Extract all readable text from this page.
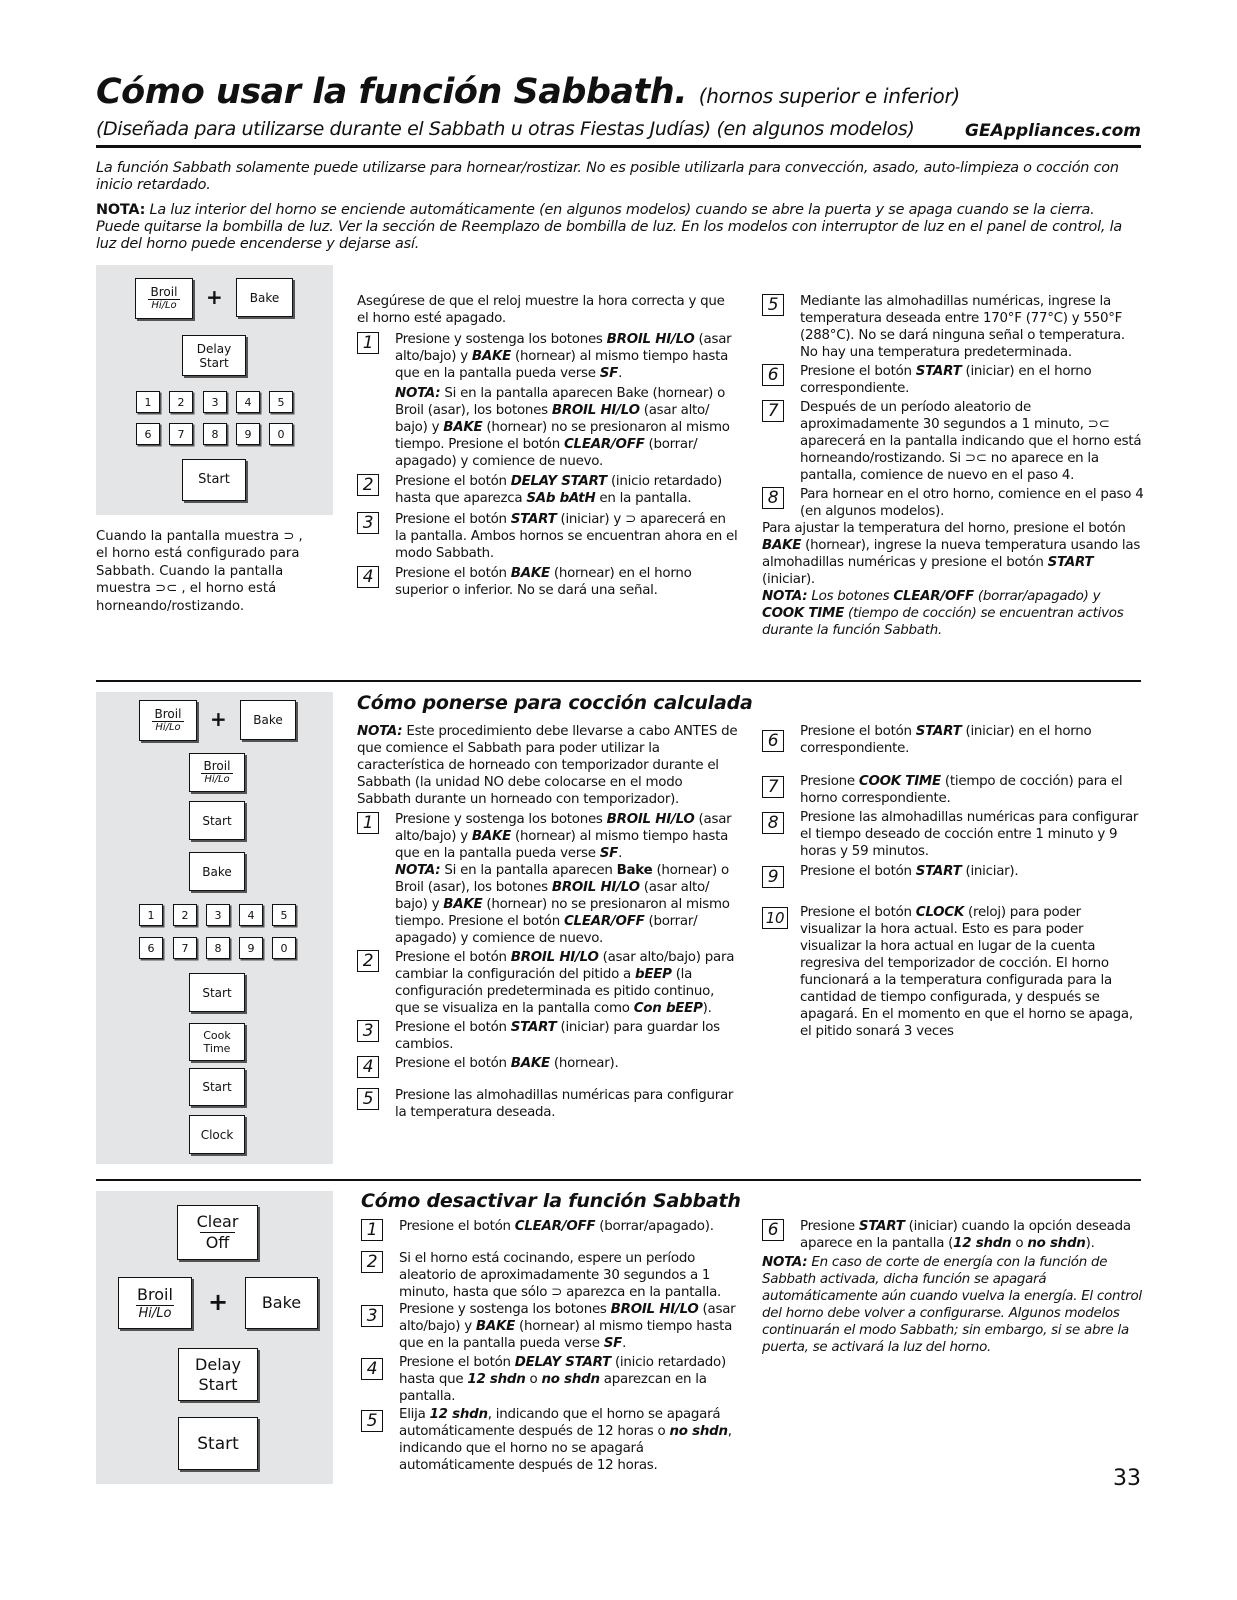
Cómo usar la función Sabbath. (hornos superior e inferior)
(Diseñada para utilizarse durante el Sabbath u otras Fiestas Judías) (en algunos modelos)	GEAppliances.com
La función Sabbath solamente puede utilizarse para hornear/rostizar. No es posible utilizarla para convección, asado, auto-limpieza o cocción con inicio retardado.
NOTA: La luz interior del horno se enciende automáticamente (en algunos modelos) cuando se abre la puerta y se apaga cuando se la cierra. Puede quitarse la bombilla de luz. Ver la sección de Reemplazo de bombilla de luz. En los modelos con interruptor de luz en el panel de control, la luz del horno puede encenderse y dejarse así.
Broil
Hi/Lo +	Bake
Delay
Start
1	2	3	4	5
6	7	8	9	0
Start
Cuando la pantalla muestra ⊃ , el horno está configurado para Sabbath. Cuando la pantalla muestra ⊃⊂ , el horno está horneando/rostizando.

Asegúrese de que el reloj muestre la hora correcta y que el horno esté apagado.

1	Presione y sostenga los botones BROIL HI/LO (asar alto/bajo) y BAKE (hornear) al mismo tiempo hasta que en la pantalla pueda verse SF.

NOTA: Si en la pantalla aparecen Bake (hornear) o Broil (asar), los botones BROIL HI/LO (asar alto/ bajo) y BAKE (hornear) no se presionaron al mismo tiempo. Presione el botón CLEAR/OFF (borrar/ apagado) y comience de nuevo.

2	Presione el botón DELAY START (inicio retardado) hasta que aparezca SAb bAtH en la pantalla.
3	Presione el botón START (iniciar) y ⊃ aparecerá en la pantalla. Ambos hornos se encuentran ahora en el modo Sabbath.
4	Presione el botón BAKE (hornear) en el horno superior o inferior. No se dará una señal.
5	Mediante las almohadillas numéricas, ingrese la temperatura deseada entre 170°F (77°C) y 550°F (288°C). No se dará ninguna señal o temperatura. No hay una temperatura predeterminada.
6	Presione el botón START (iniciar) en el horno correspondiente.
7	Después de un período aleatorio de aproximadamente 30 segundos a 1 minuto, ⊃⊂ aparecerá en la pantalla indicando que el horno está horneando/rostizando. Si ⊃⊂ no aparece en la pantalla, comience de nuevo en el paso 4.
8	Para hornear en el otro horno, comience en el paso 4 (en algunos modelos).

Para ajustar la temperatura del horno, presione el botón BAKE (hornear), ingrese la nueva temperatura usando las almohadillas numéricas y presione el botón START (iniciar).

NOTA: Los botones CLEAR/OFF (borrar/apagado) y COOK TIME (tiempo de cocción) se encuentran activos durante la función Sabbath.

Broil
Hi/Lo +	Bake
Broil
Hi/Lo
Start
Bake
1	2	3	4	5
6	7	8	9	0
Start
Cook
Time
Start
Clock
Cómo ponerse para cocción calculada

NOTA: Este procedimiento debe llevarse a cabo ANTES de que comience el Sabbath para poder utilizar la característica de horneado con temporizador durante el Sabbath (la unidad NO debe colocarse en el modo Sabbath durante un horneado con temporizador).

1	Presione y sostenga los botones BROIL HI/LO (asar alto/bajo) y BAKE (hornear) al mismo tiempo hasta que en la pantalla pueda verse SF.

NOTA: Si en la pantalla aparecen Bake (hornear) o Broil (asar), los botones BROIL HI/LO (asar alto/ bajo) y BAKE (hornear) no se presionaron al mismo tiempo. Presione el botón CLEAR/OFF (borrar/ apagado) y comience de nuevo.

2	Presione el botón BROIL HI/LO (asar alto/bajo) para cambiar la configuración del pitido a bEEP (la configuración predeterminada es pitido continuo, que se visualiza en la pantalla como Con bEEP).
3	Presione el botón START (iniciar) para guardar los cambios.
4	Presione el botón BAKE (hornear).
5	Presione las almohadillas numéricas para configurar la temperatura deseada.
6	Presione el botón START (iniciar) en el horno correspondiente.
7	Presione COOK TIME (tiempo de cocción) para el horno correspondiente.
8	Presione las almohadillas numéricas para configurar el tiempo deseado de cocción entre 1 minuto y 9 horas y 59 minutos.
9	Presione el botón START (iniciar).
10 Presione el botón CLOCK (reloj) para poder visualizar la hora actual. Esto es para poder visualizar la hora actual en lugar de la cuenta regresiva del temporizador de cocción. El horno funcionará a la temperatura configurada para la cantidad de tiempo configurada, y después se apagará. En el momento en que el horno se apaga, el pitido sonará 3 veces
Clear
Off
Broil
Hi/Lo +	Bake
Delay
Start
Start
Cómo desactivar la función Sabbath
1	Presione el botón CLEAR/OFF (borrar/apagado).
2	Si el horno está cocinando, espere un período aleatorio de aproximadamente 30 segundos a 1 minuto, hasta que sólo ⊃ aparezca en la pantalla.
3	Presione y sostenga los botones BROIL HI/LO (asar alto/bajo) y BAKE (hornear) al mismo tiempo hasta que en la pantalla pueda verse SF.
4	Presione el botón DELAY START (inicio retardado) hasta que 12 shdn o no shdn aparezcan en la pantalla.
5	Elija 12 shdn, indicando que el horno se apagará automáticamente después de 12 horas o no shdn, indicando que el horno no se apagará automáticamente después de 12 horas.
6	Presione START (iniciar) cuando la opción deseada aparece en la pantalla (12 shdn o no shdn).

NOTA: En caso de corte de energía con la función de Sabbath activada, dicha función se apagará automáticamente aún cuando vuelva la energía. El control del horno debe volver a configurarse. Algunos modelos continuarán el modo Sabbath; sin embargo, si se abre la puerta, se activará la luz del horno.

33
